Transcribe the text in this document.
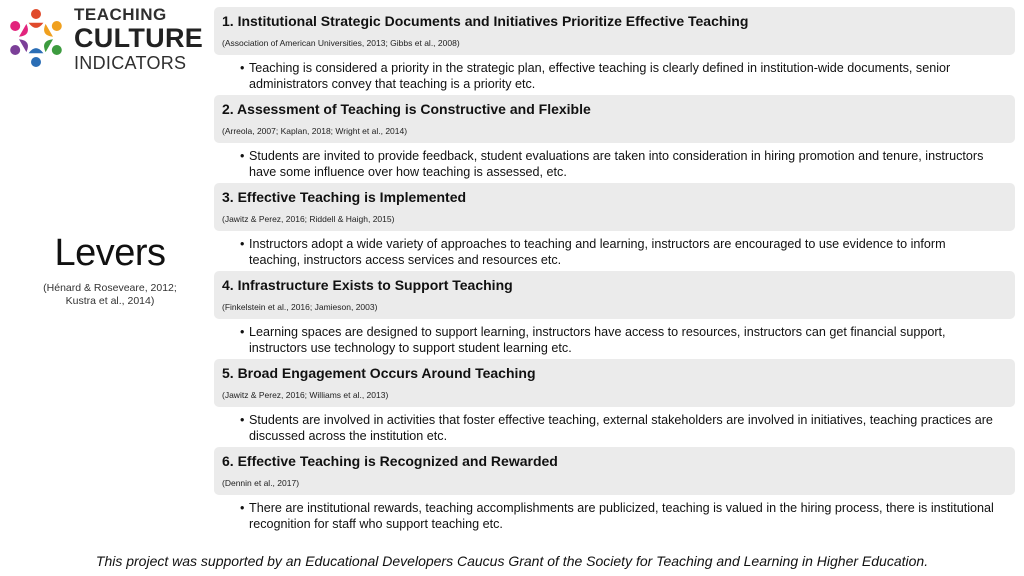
TEACHING
CULTURE
INDICATORS
Levers
(Hénard & Roseveare, 2012; Kustra et al., 2014)
1. Institutional Strategic Documents and Initiatives Prioritize Effective Teaching
(Association of American Universities, 2013; Gibbs et al., 2008)
• Teaching is considered a priority in the strategic plan, effective teaching is clearly defined in institution-wide documents, senior administrators convey that teaching is a priority etc.
2. Assessment of Teaching is Constructive and Flexible
(Arreola, 2007; Kaplan, 2018; Wright et al., 2014)
• Students are invited to provide feedback, student evaluations are taken into consideration in hiring promotion and tenure, instructors have some influence over how teaching is assessed, etc.
3. Effective Teaching is Implemented
(Jawitz & Perez, 2016; Riddell & Haigh, 2015)
• Instructors adopt a wide variety of approaches to teaching and learning, instructors are encouraged to use evidence to inform teaching, instructors access services and resources etc.
4. Infrastructure Exists to Support Teaching
(Finkelstein et al., 2016; Jamieson, 2003)
• Learning spaces are designed to support learning, instructors have access to resources, instructors can get financial support, instructors use technology to support student learning etc.
5. Broad Engagement Occurs Around Teaching
(Jawitz & Perez, 2016; Williams et al., 2013)
• Students are involved in activities that foster effective teaching, external stakeholders are involved in initiatives, teaching practices are discussed across the institution etc.
6. Effective Teaching is Recognized and Rewarded
(Dennin et al., 2017)
• There are institutional rewards, teaching accomplishments are publicized, teaching is valued in the hiring process, there is institutional recognition for staff who support teaching etc.
This project was supported by an Educational Developers Caucus Grant of the Society for Teaching and Learning in Higher Education.
